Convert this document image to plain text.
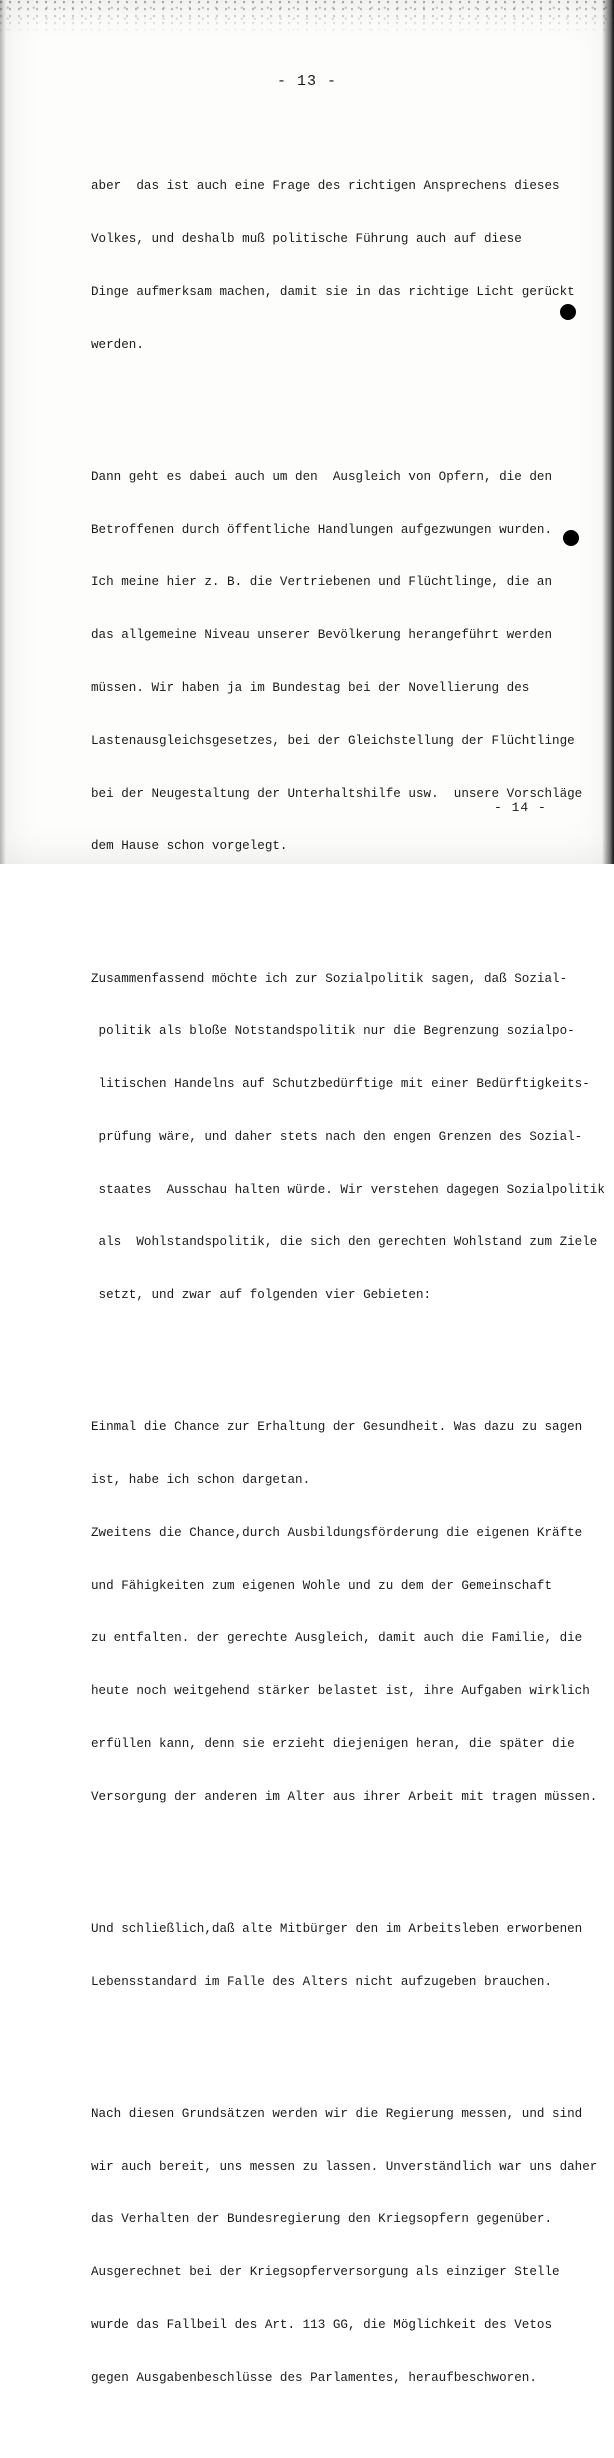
- 13 -

aber  das ist auch eine Frage des richtigen Ansprechens dieses

Volkes, und deshalb muß politische Führung auch auf diese

Dinge aufmerksam machen, damit sie in das richtige Licht gerückt

werden.

Dann geht es dabei auch um den  Ausgleich von Opfern, die den

Betroffenen durch öffentliche Handlungen aufgezwungen wurden.

Ich meine hier z. B. die Vertriebenen und Flüchtlinge, die an

das allgemeine Niveau unserer Bevölkerung herangeführt werden

müssen. Wir haben ja im Bundestag bei der Novellierung des

Lastenausgleichsgesetzes, bei der Gleichstellung der Flüchtlinge

bei der Neugestaltung der Unterhaltshilfe usw.  unsere Vorschläge

dem Hause schon vorgelegt.

Zusammenfassend möchte ich zur Sozialpolitik sagen, daß Sozial-

politik als bloße Notstandspolitik nur die Begrenzung sozialpo-

litischen Handelns auf Schutzbedürftige mit einer Bedürftigkeits-

prüfung wäre, und daher stets nach den engen Grenzen des Sozial-

staates  Ausschau halten würde. Wir verstehen dagegen Sozialpolitik

als  Wohlstandspolitik, die sich den gerechten Wohlstand zum Ziele

setzt, und zwar auf folgenden vier Gebieten:

Einmal die Chance zur Erhaltung der Gesundheit. Was dazu zu sagen

ist, habe ich schon dargetan.

Zweitens die Chance,durch Ausbildungsförderung die eigenen Kräfte

und Fähigkeiten zum eigenen Wohle und zu dem der Gemeinschaft

zu entfalten. der gerechte Ausgleich, damit auch die Familie, die

heute noch weitgehend stärker belastet ist, ihre Aufgaben wirklich

erfüllen kann, denn sie erzieht diejenigen heran, die später die

Versorgung der anderen im Alter aus ihrer Arbeit mit tragen müssen.

Und schließlich,daß alte Mitbürger den im Arbeitsleben erworbenen

Lebensstandard im Falle des Alters nicht aufzugeben brauchen.

Nach diesen Grundsätzen werden wir die Regierung messen, und sind

wir auch bereit, uns messen zu lassen. Unverständlich war uns daher

das Verhalten der Bundesregierung den Kriegsopfern gegenüber.

Ausgerechnet bei der Kriegsopferversorgung als einziger Stelle

wurde das Fallbeil des Art. 113 GG, die Möglichkeit des Vetos

gegen Ausgabenbeschlüsse des Parlamentes, heraufbeschworen.

- 14 -
